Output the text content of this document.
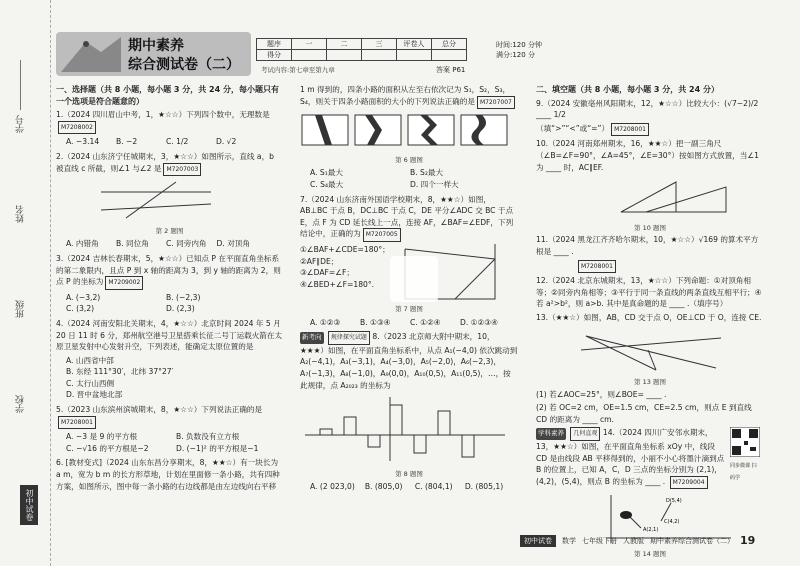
学号
姓名
班级
学校
初中试卷
期中素养
综合测试卷（二）
题序	一	二	三	评卷人	总分
得分					
时间:120 分钟
满分:120 分
考试内容:第七章至第九章	答案 P61
一、选择题（共 8 小题，每小题 3 分，共 24 分，每小题只有一个选项是符合题意的）
1.（2024 四川眉山中考，1，★☆☆）下列四个数中，无理数是M7208002
A. −3.14	B. −2	C. 1/2	D. √2
2.（2024 山东济宁任城期末，3，★☆☆）如图所示，直线 a，b 被直线 c 所截，则∠1 与∠2 是 M7207003
第 2 题图
A. 内错角	B. 同位角	C. 同旁内角 D. 对顶角
3.（2024 吉林长春期末，5，★☆☆）已知点 P 在平面直角坐标系的第二象限内，且点 P 到 x 轴的距离为 3，到 y 轴的距离为 2，则点 P 的坐标为 M7209002
A. (−3,2)	B. (−2,3)
C. (3,2)	D. (2,3)
4.（2024 河南安阳北关期末，4，★☆☆）北京时间 2024 年 5 月 20 日 11 时 6 分，郑州航空港号卫星搭乘长征二号丁运载火箭在太原卫星发射中心发射升空，下列表述，能确定太原位置的是
A. 山西省中部
B. 东经 111°30′，北纬 37°27′
C. 太行山西侧
D. 晋中盆地北部
5.（2023 山东滨州滨城期末，8，★☆☆）下列说法正确的是M7208001
A. −3 是 9 的平方根	B. 负数没有立方根
C. −√16 的平方根是−2	D. (−1)² 的平方根是−1
6. [教材变式]（2024 山东东昌分享期末，8，★★☆）有一块长为 a m，宽为 b m 的长方形草地，计划在里面修一条小路，共有四种方案，如图所示，图中每一条小路的右边线都是由左边线向右平移
1 m 得到的，四条小路的面积从左至右依次记为 S₁，S₂，S₃，S₄，则关于四条小路面积的大小的下列说法正确的是 M7207007
第 6 题图
A. S₁最大	B. S₂最大
C. S₄最大	D. 四个一样大
7.（2024 山东济南外国语学校期末，8，★★☆）如图，AB⊥BC 于点 B，DC⊥BC 于点 C，DE 平分∠ADC 交 BC 于点 E，点 F 为 CD 延长线上一点，连接 AF，∠BAF=∠EDF，下列结论中，正确的为 M7207005
①∠BAF+∠CDE=180°；
②AF∥DE；
③∠DAF=∠F；
④∠BED+∠F=180°.
第 7 题图
A. ①②③	B. ①③④	C. ①②④	D. ①②③④
新考向 规律探究试题 8.（2023 北京师大附中期末，10，★★★）如图，在平面直角坐标系中，从点 A₁(−4,0) 依次跳动到 A₂(−4,1)，A₃(−3,1)，A₄(−3,0)，A₅(−2,0)，A₆(−2,3)，A₇(−1,3)，A₈(−1,0)，A₉(0,0)，A₁₀(0,5)，A₁₁(0,5)，…，按此规律，点 A₂₀₂₃ 的坐标为
第 8 题图
A. (2 023,0) B. (805,0)	C. (804,1) D. (805,1)
二、填空题（共 8 小题，每小题 3 分，共 24 分）
9.（2024 安徽亳州风阳期末，12，★☆☆）比较大小：(√7−2)/2 ____ 1/2
（填“>”“<”或“=”） M7208001
10.（2024 河南郑州期末，16，★★☆）把一副三角尺（∠B=∠F=90°，∠A=45°，∠E=30°）按如图方式放置，当∠1 为 ____ 时，AC∥EF.
第 10 题图
11.（2024 黑龙江齐齐哈尔期末，10，★☆☆）√169 的算术平方根是 ____ .
M7208001
12.（2024 北京东城期末，13，★☆☆）下列命题：①对顶角相等；②同旁内角相等；③平行于同一条直线的两条直线互相平行；④若 a²>b²，则 a>b. 其中是真命题的是 ____ .（填序号）
13.（★★☆）如图，AB，CD 交于点 O，OE⊥CD 于 O，连接 CE.
第 13 题图
(1) 若∠AOC=25°，则∠BOE= ____ .
(2) 若 OC=2 cm，OE=1.5 cm，CE=2.5 cm，则点 E 到直线 CD 的距离为 ____ cm.
学科素养 几何直观 14.（2024 四川广安邻水期末，13，★★☆）如图，在平面直角坐标系 xOy 中，线段 CD 是由线段 AB 平移得到的，小丽不小心将墨汁滴到点 B 的位置上，已知 A，C，D 三点的坐标分别为 (2,1)，(4,2)，(5,4)，则点 B 的坐标为 ____ . M7209004
同步微课 扫码学
D(5,4)
C(4,2)
A(2,1)
第 14 题图
初中试卷	数学 七年级下册 人教版 期中素养综合测试卷（二） 19
